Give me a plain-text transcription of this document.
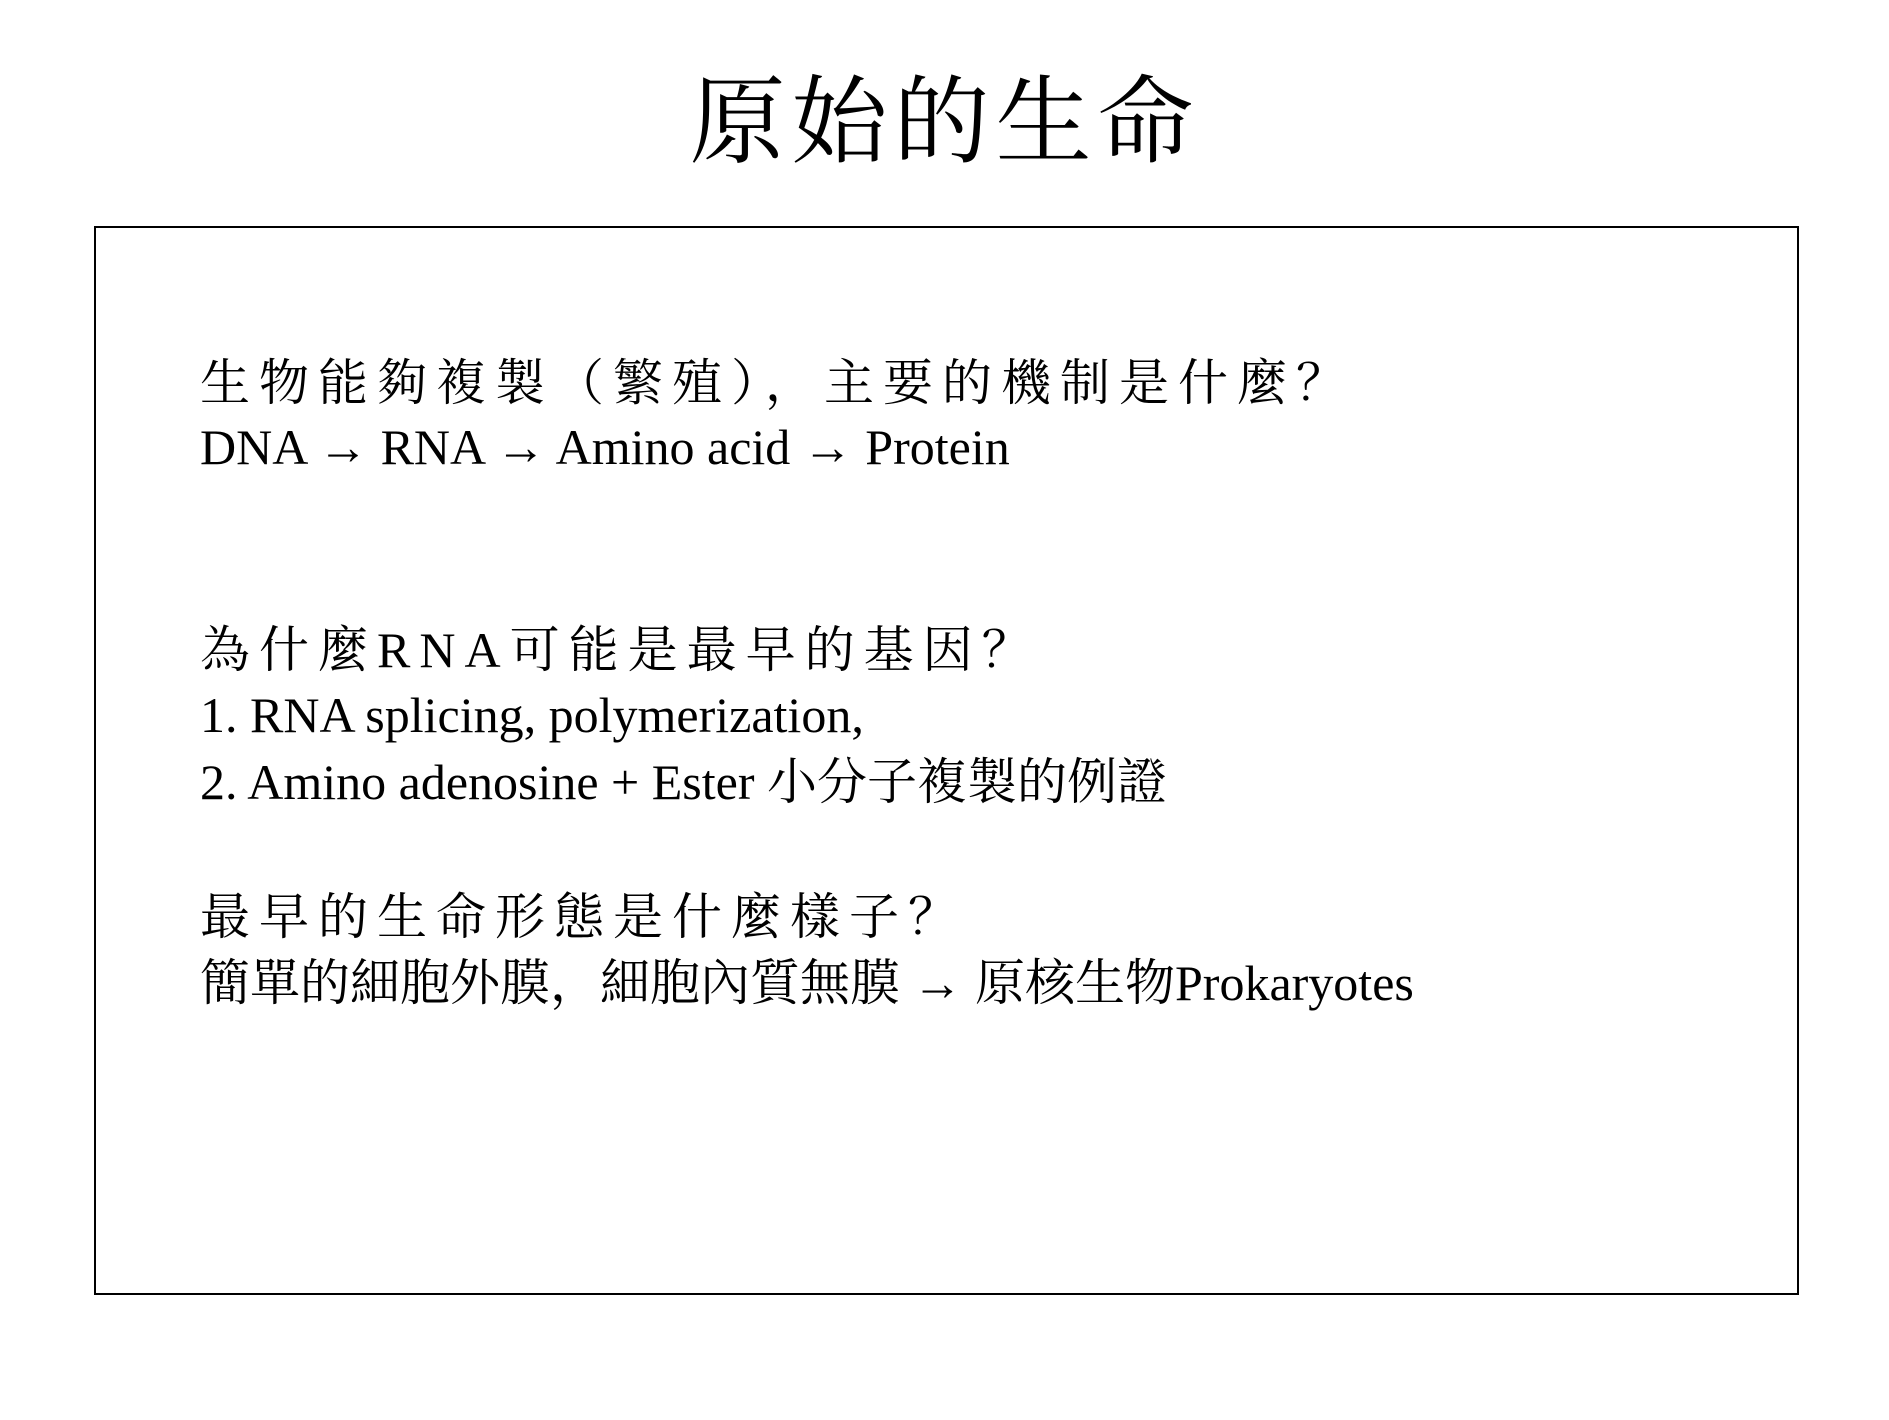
原始的生命
生物能夠複製（繁殖），主要的機制是什麼？
DNA → RNA → Amino acid → Protein
為什麼RNA可能是最早的基因？
1. RNA splicing, polymerization,
2. Amino adenosine + Ester 小分子複製的例證
最早的生命形態是什麼樣子？
簡單的細胞外膜，細胞內質無膜 → 原核生物Prokaryotes
